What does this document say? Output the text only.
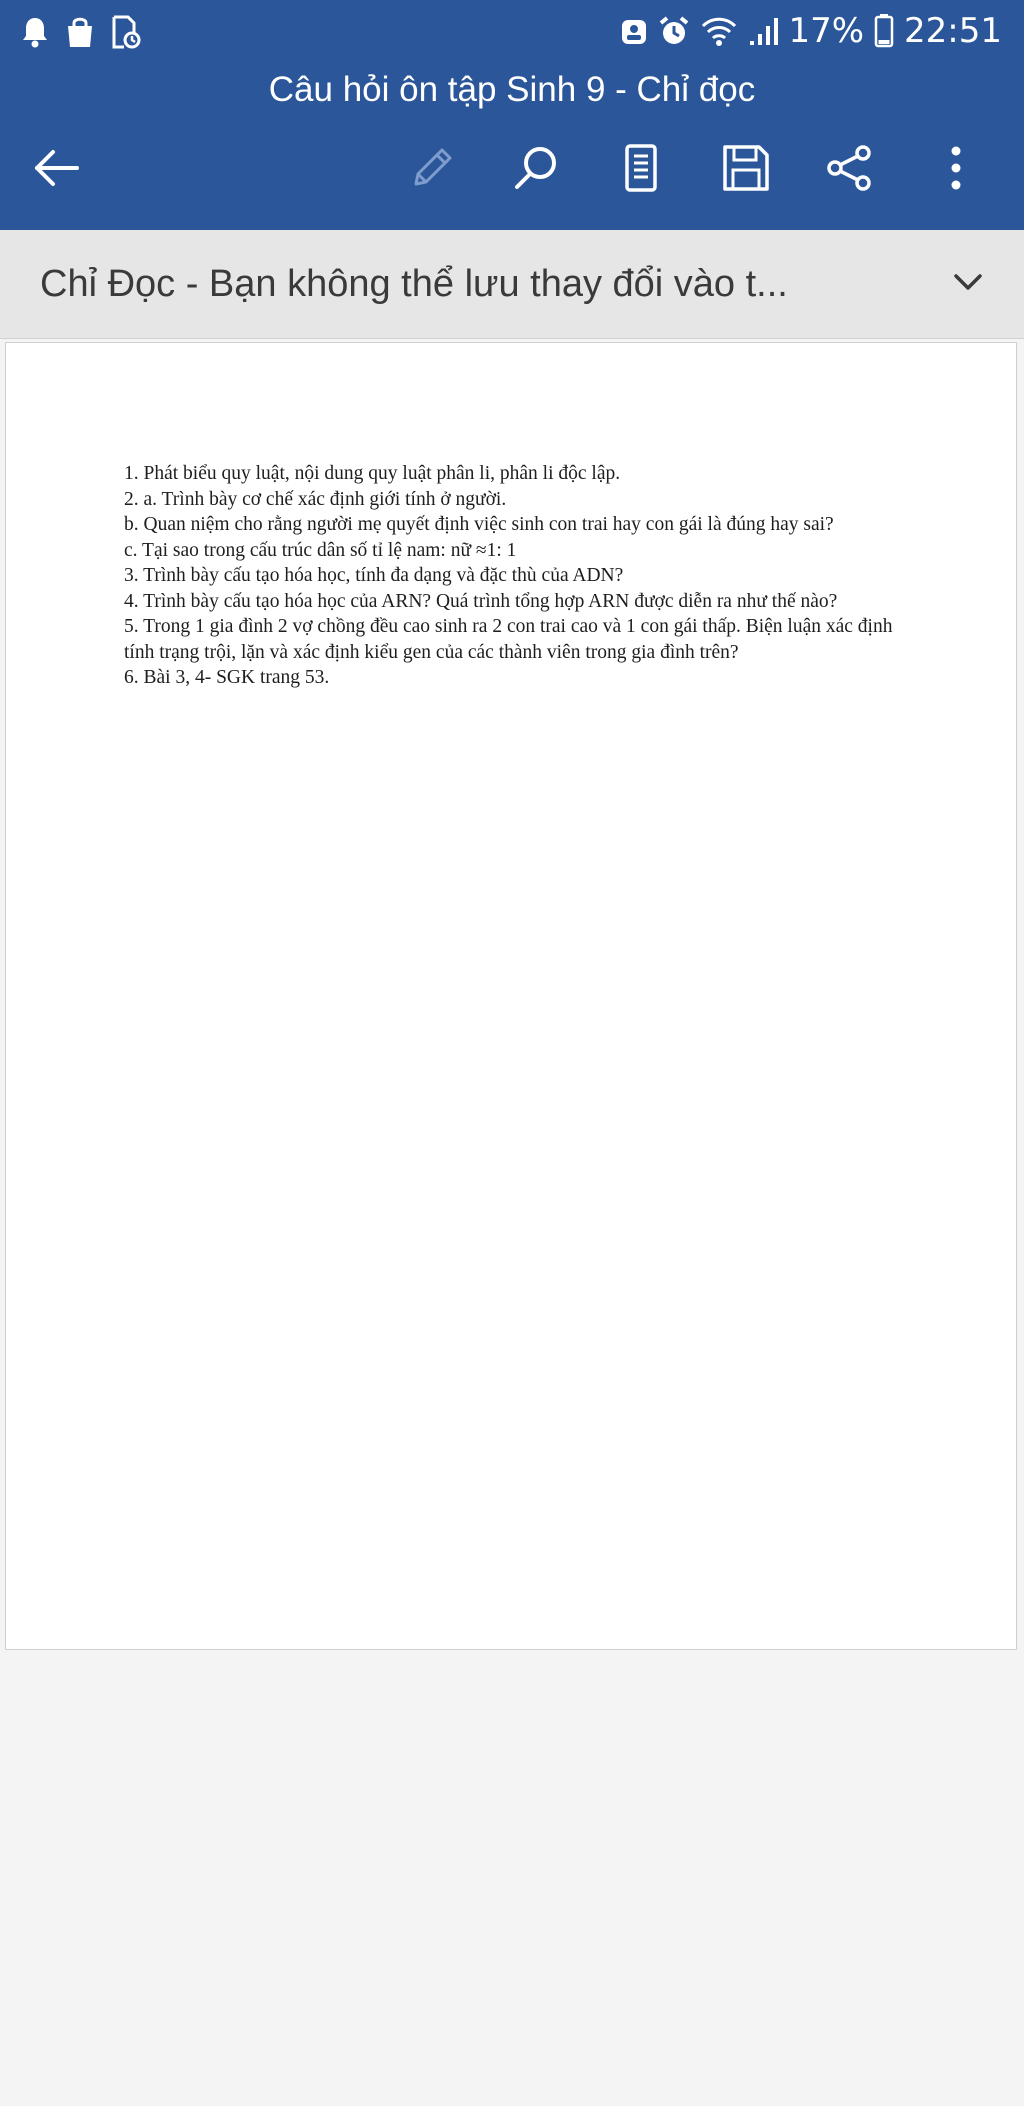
17% 22:51
Câu hỏi ôn tập Sinh 9 - Chỉ đọc
Chỉ Đọc - Bạn không thể lưu thay đổi vào t...

1. Phát biểu quy luật, nội dung quy luật phân li, phân li độc lập.

2. a. Trình bày cơ chế xác định giới tính ở người.

b. Quan niệm cho rằng người mẹ quyết định việc sinh con trai hay con gái là đúng hay sai?

c. Tại sao trong cấu trúc dân số tỉ lệ nam: nữ ≈1: 1

3. Trình bày cấu tạo hóa học, tính đa dạng và đặc thù của ADN?

4. Trình bày cấu tạo hóa học của ARN? Quá trình tổng hợp ARN được diễn ra như thế nào?

5. Trong 1 gia đình 2 vợ chồng đều cao sinh ra 2 con trai cao và 1 con gái thấp. Biện luận xác định tính trạng trội, lặn và xác định kiểu gen của các thành viên trong gia đình trên?

6. Bài 3, 4- SGK trang 53.
